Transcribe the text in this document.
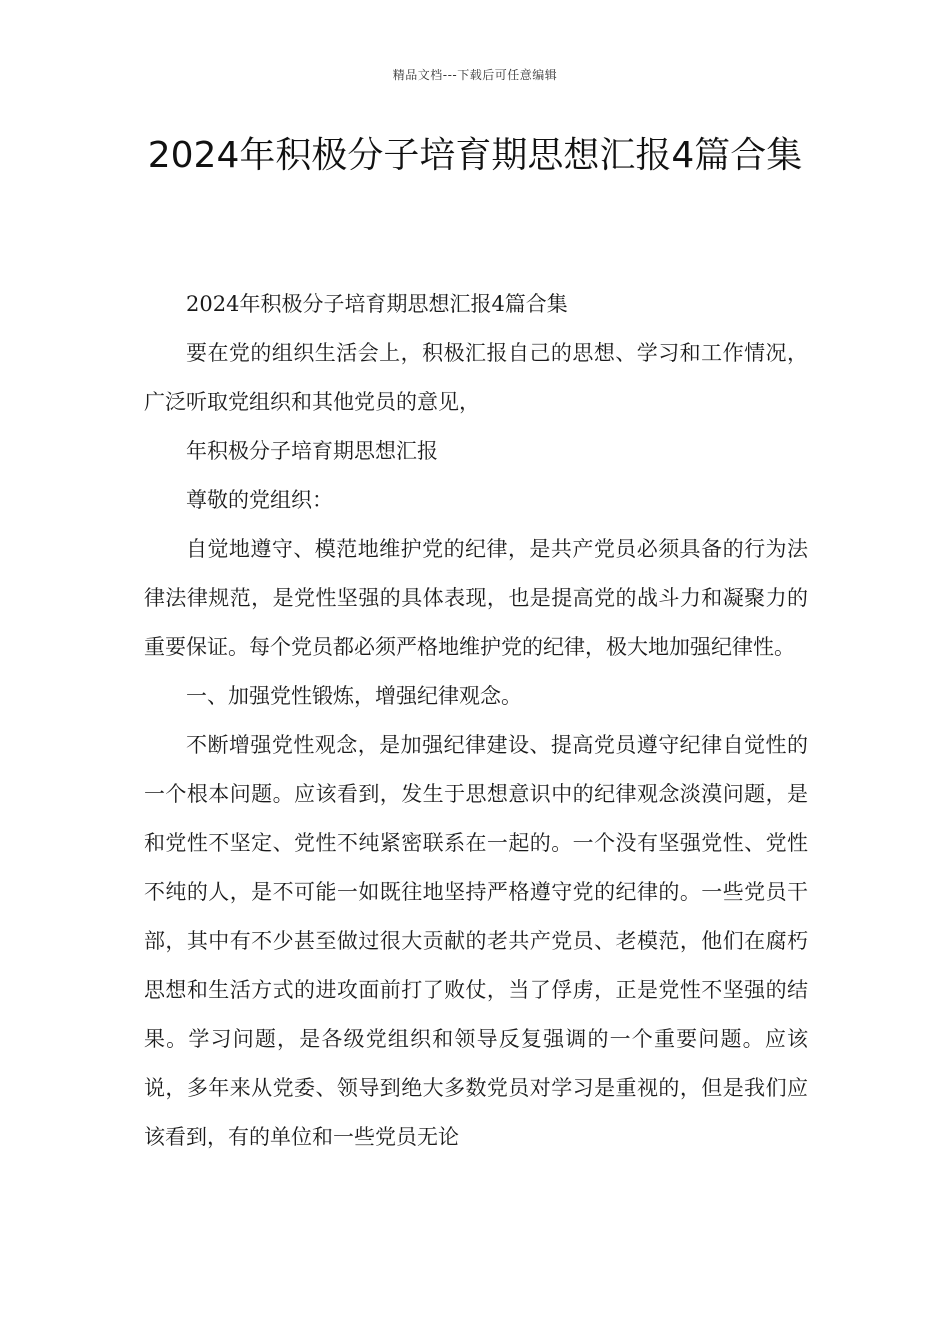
精品文档---下载后可任意编辑
2024年积极分子培育期思想汇报4篇合集

2024年积极分子培育期思想汇报4篇合集

要在党的组织生活会上，积极汇报自己的思想、学习和工作情况，广泛听取党组织和其他党员的意见，

年积极分子培育期思想汇报

尊敬的党组织：

自觉地遵守、模范地维护党的纪律，是共产党员必须具备的行为法律法律规范，是党性坚强的具体表现，也是提高党的战斗力和凝聚力的重要保证。每个党员都必须严格地维护党的纪律，极大地加强纪律性。

一、加强党性锻炼，增强纪律观念。

不断增强党性观念，是加强纪律建设、提高党员遵守纪律自觉性的一个根本问题。应该看到，发生于思想意识中的纪律观念淡漠问题，是和党性不坚定、党性不纯紧密联系在一起的。一个没有坚强党性、党性不纯的人，是不可能一如既往地坚持严格遵守党的纪律的。一些党员干部，其中有不少甚至做过很大贡献的老共产党员、老模范，他们在腐朽思想和生活方式的进攻面前打了败仗，当了俘虏，正是党性不坚强的结果。学习问题，是各级党组织和领导反复强调的一个重要问题。应该说，多年来从党委、领导到绝大多数党员对学习是重视的，但是我们应该看到，有的单位和一些党员无论
